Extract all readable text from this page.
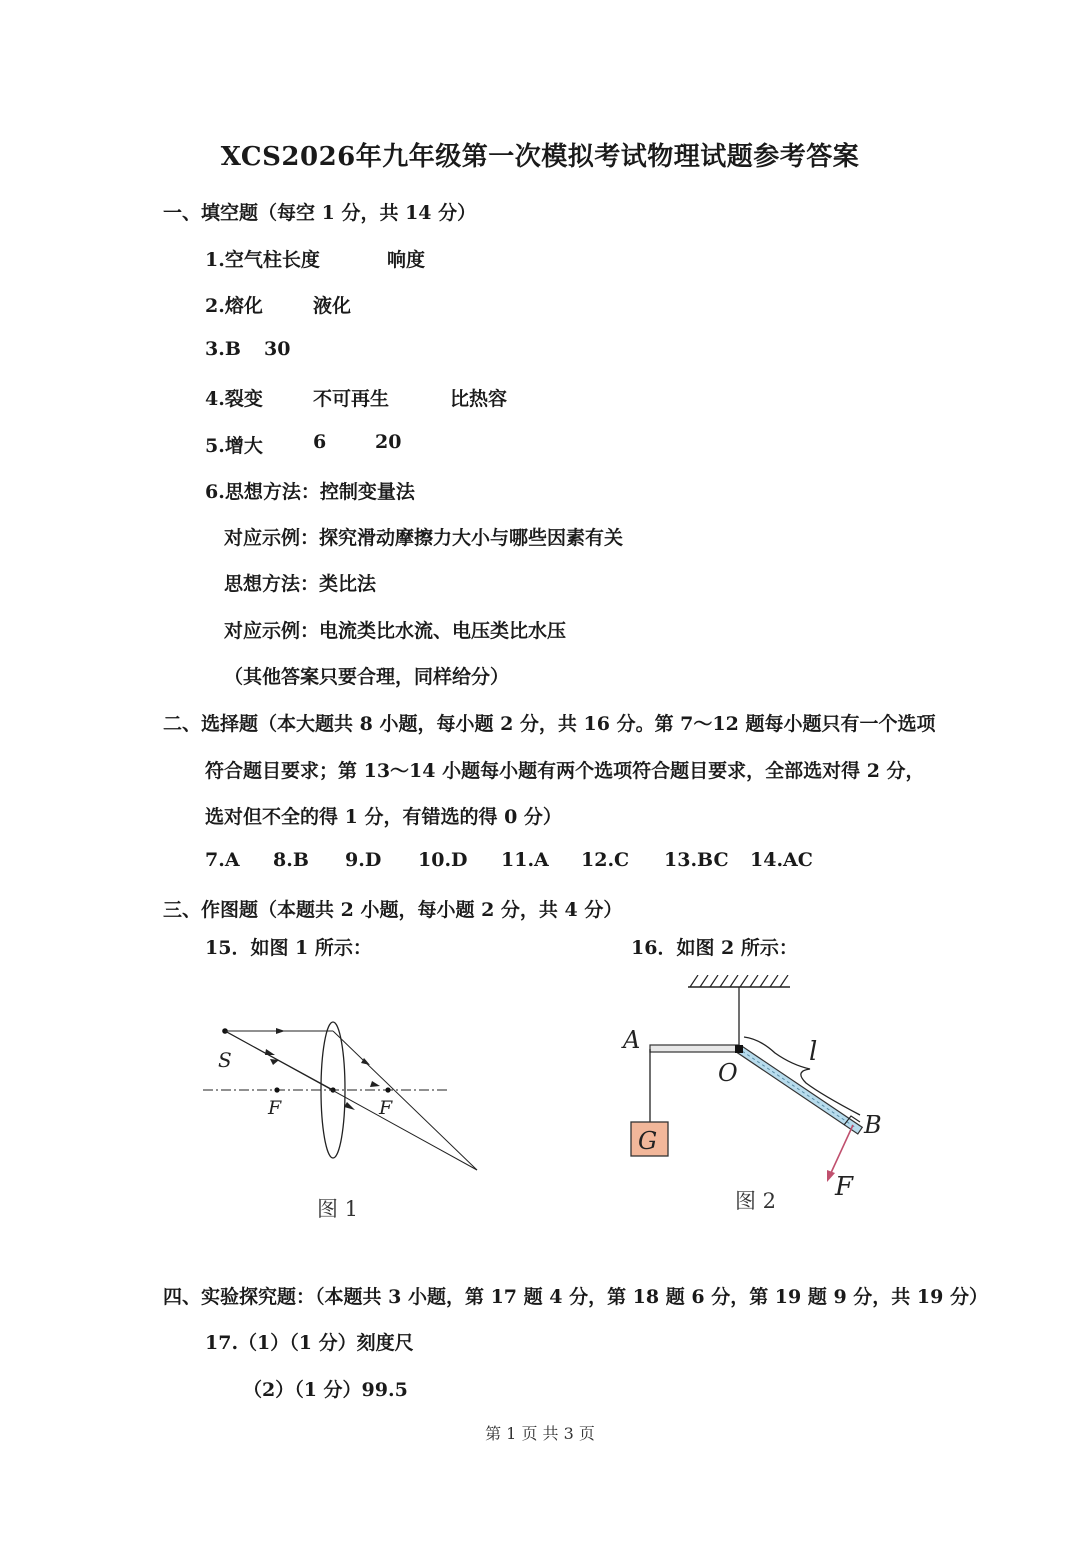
XCS2026年九年级第一次模拟考试物理试题参考答案
一、填空题（每空 1 分，共 14 分）
1.空气柱长度	响度
2.熔化	液化
3.B 30
4.裂变	不可再生	比热容
5.增大	6	20
6.思想方法：控制变量法
对应示例：探究滑动摩擦力大小与哪些因素有关
思想方法：类比法
对应示例：电流类比水流、电压类比水压
（其他答案只要合理，同样给分）
二、选择题（本大题共 8 小题，每小题 2 分，共 16 分。第 7～12 题每小题只有一个选项
符合题目要求；第 13～14 小题每小题有两个选项符合题目要求，全部选对得 2 分，
选对但不全的得 1 分，有错选的得 0 分）
7.A 8.B 9.D 10.D 11.A 12.C 13.BC 14.AC
三、作图题（本题共 2 小题，每小题 2 分，共 4 分）
15．如图 1 所示：	16．如图 2 所示：
S
F	F
图 1
G
A
O
l
B
F
图 2
四、实验探究题：（本题共 3 小题，第 17 题 4 分，第 18 题 6 分，第 19 题 9 分，共 19 分）
17.（1）（1 分）刻度尺
（2）（1 分）99.5
第 1 页 共 3 页
